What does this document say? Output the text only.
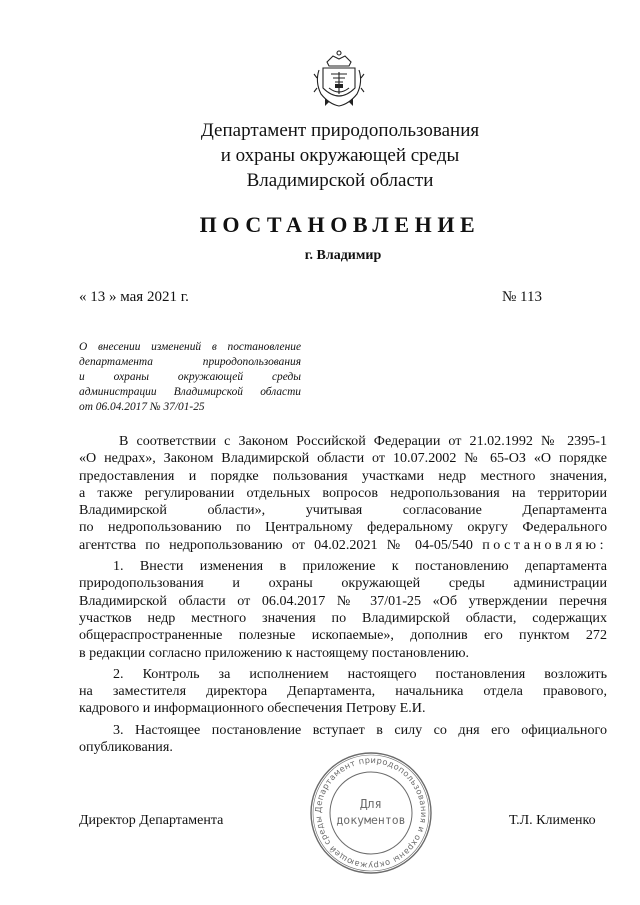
Департамент природопользования
и охраны окружающей среды
Владимирской области
ПОСТАНОВЛЕНИЕ
г. Владимир
« 13 » мая 2021 г.	№ 113
О внесении изменений в постановление
департамента природопользования
и охраны окружающей среды
администрации Владимирской области
от 06.04.2017 № 37/01-25

В соответствии с Законом Российской Федерации от 21.02.1992 № 2395-1
«О недрах», Законом Владимирской области от 10.07.2002 № 65-ОЗ «О порядке
предоставления и порядке пользования участками недр местного значения,
а также регулировании отдельных вопросов недропользования на территории
Владимирской области», учитывая согласование Департамента
по недропользованию по Центральному федеральному округу Федерального
агентства по недропользованию от 04.02.2021 № 04-05/540 постановляю:

1. Внести изменения в приложение к постановлению департамента
природопользования и охраны окружающей среды администрации
Владимирской области от 06.04.2017 № 37/01-25 «Об утверждении перечня
участков недр местного значения по Владимирской области, содержащих
общераспространенные полезные ископаемые», дополнив его пунктом 272
в редакции согласно приложению к настоящему постановлению.

2. Контроль за исполнением настоящего постановления возложить
на заместителя директора Департамента, начальника отдела правового,
кадрового и информационного обеспечения Петрову Е.И.

3. Настоящее постановление вступает в силу со дня его официального
опубликования.

Директор Департамента	Т.Л. Клименко
Департамент природопользования и охраны окружающей среды
Для
документов
